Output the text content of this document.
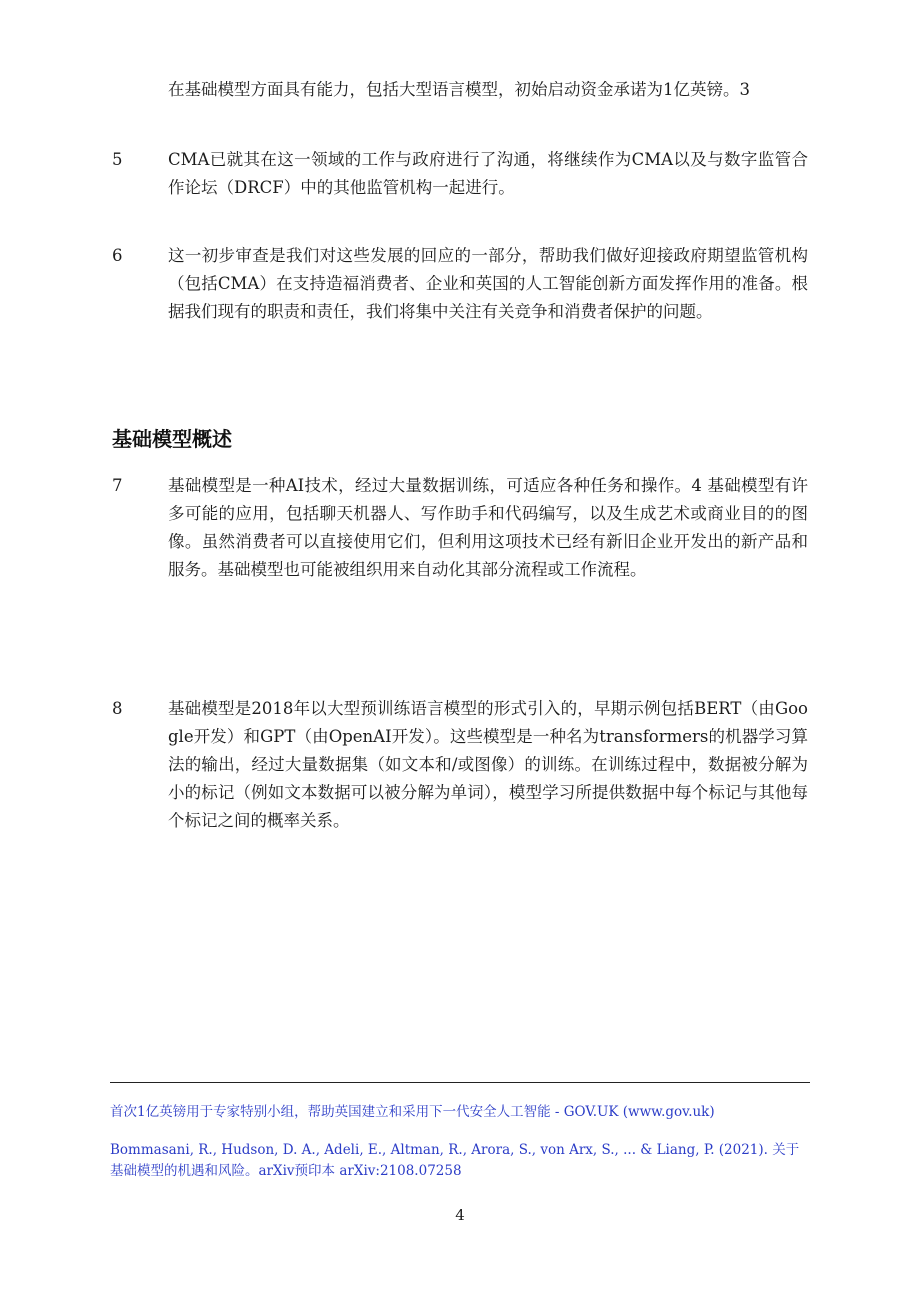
在基础模型方面具有能力，包括大型语言模型，初始启动资金承诺为1亿英镑。3
5	CMA已就其在这一领域的工作与政府进行了沟通，将继续作为CMA以及与数字监管合作论坛（DRCF）中的其他监管机构一起进行。
6	这一初步审查是我们对这些发展的回应的一部分，帮助我们做好迎接政府期望监管机构（包括CMA）在支持造福消费者、企业和英国的人工智能创新方面发挥作用的准备。根据我们现有的职责和责任，我们将集中关注有关竞争和消费者保护的问题。
基础模型概述
7	基础模型是一种AI技术，经过大量数据训练，可适应各种任务和操作。4 基础模型有许多可能的应用，包括聊天机器人、写作助手和代码编写，以及生成艺术或商业目的的图像。虽然消费者可以直接使用它们，但利用这项技术已经有新旧企业开发出的新产品和服务。基础模型也可能被组织用来自动化其部分流程或工作流程。
8	基础模型是2018年以大型预训练语言模型的形式引入的，早期示例包括BERT（由Google开发）和GPT（由OpenAI开发）。这些模型是一种名为transformers的机器学习算法的输出，经过大量数据集（如文本和/或图像）的训练。在训练过程中，数据被分解为小的标记（例如文本数据可以被分解为单词），模型学习所提供数据中每个标记与其他每个标记之间的概率关系。
首次1亿英镑用于专家特别小组，帮助英国建立和采用下一代安全人工智能 - GOV.UK (www.gov.uk)
Bommasani, R., Hudson, D. A., Adeli, E., Altman, R., Arora, S., von Arx, S., ... & Liang, P. (2021). 关于基础模型的机遇和风险。arXiv预印本 arXiv:2108.07258
4
